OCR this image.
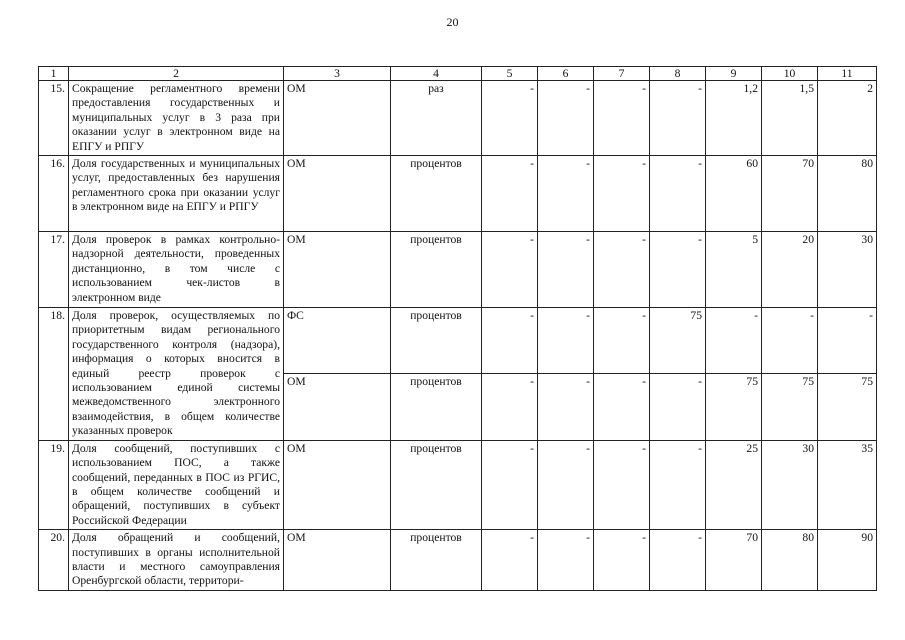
20
1	2	3	4	5	6	7	8	9	10	11
15.	Сокращение регламентного времени предоставления государственных и муниципальных услуг в 3 раза при оказании услуг в электронном виде на ЕПГУ и РПГУ	ОМ	раз	-	-	-	-	1,2	1,5	2
16.	Доля государственных и муниципальных услуг, предоставленных без нарушения регламентного срока при оказании услуг в электронном виде на ЕПГУ и РПГУ	ОМ	процентов	-	-	-	-	60	70	80
17.	Доля проверок в рамках контрольно-надзорной деятельности, проведенных дистанционно, в том числе с использованием чек-листов в электронном виде	ОМ	процентов	-	-	-	-	5	20	30
18.	Доля проверок, осуществляемых по приоритетным видам регионального государственного контроля (надзора), информация о которых вносится в единый реестр проверок с использованием единой системы межведомственного электронного взаимодействия, в общем количестве указанных проверок	ФС	процентов	-	-	-	75	-	-	-
		ОМ	процентов	-	-	-	-	75	75	75
19.	Доля сообщений, поступивших с использованием ПОС, а также сообщений, переданных в ПОС из РГИС, в общем количестве сообщений и обращений, поступивших в субъект Российской Федерации	ОМ	процентов	-	-	-	-	25	30	35
20.	Доля обращений и сообщений, поступивших в органы исполнительной власти и местного самоуправления Оренбургской области, территори-	ОМ	процентов	-	-	-	-	70	80	90
